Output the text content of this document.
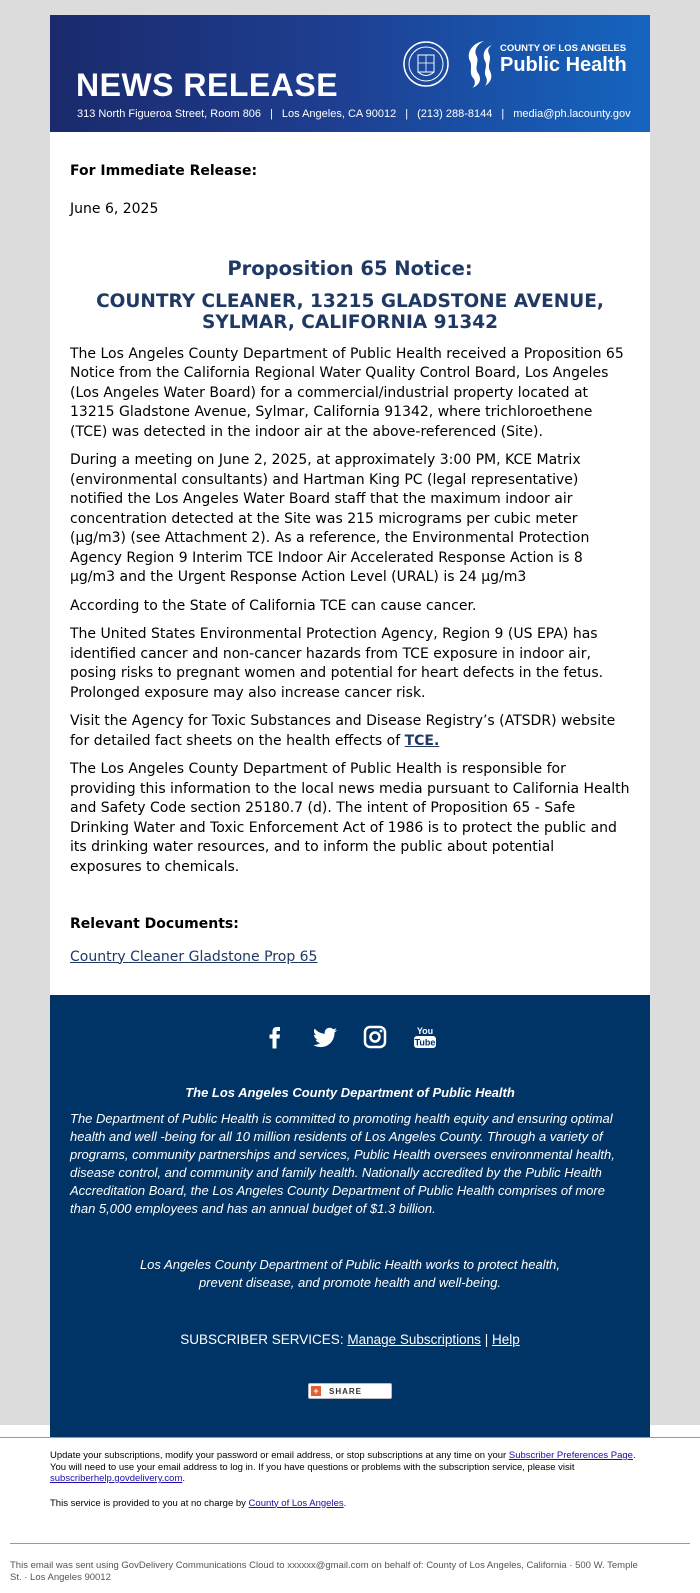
NEWS RELEASE
313 North Figueroa Street, Room 806 | Los Angeles, CA 90012 | (213) 288-8144 | media@ph.lacounty.gov
COUNTY OF LOS ANGELES
Public Health

For Immediate Release:

June 6, 2025

Proposition 65 Notice:
COUNTRY CLEANER, 13215 GLADSTONE AVENUE, SYLMAR, CALIFORNIA 91342

The Los Angeles County Department of Public Health received a Proposition 65 Notice from the California Regional Water Quality Control Board, Los Angeles (Los Angeles Water Board) for a commercial/industrial property located at 13215 Gladstone Avenue, Sylmar, California 91342, where trichloroethene (TCE) was detected in the indoor air at the above-referenced (Site).

During a meeting on June 2, 2025, at approximately 3:00 PM, KCE Matrix (environmental consultants) and Hartman King PC (legal representative) notified the Los Angeles Water Board staff that the maximum indoor air concentration detected at the Site was 215 micrograms per cubic meter (µg/m3) (see Attachment 2). As a reference, the Environmental Protection Agency Region 9 Interim TCE Indoor Air Accelerated Response Action is 8 µg/m3 and the Urgent Response Action Level (URAL) is 24 µg/m3

According to the State of California TCE can cause cancer.

The United States Environmental Protection Agency, Region 9 (US EPA) has identified cancer and non-cancer hazards from TCE exposure in indoor air, posing risks to pregnant women and potential for heart defects in the fetus. Prolonged exposure may also increase cancer risk.

Visit the Agency for Toxic Substances and Disease Registry’s (ATSDR) website for detailed fact sheets on the health effects of TCE.

The Los Angeles County Department of Public Health is responsible for providing this information to the local news media pursuant to California Health and Safety Code section 25180.7 (d). The intent of Proposition 65 - Safe Drinking Water and Toxic Enforcement Act of 1986 is to protect the public and its drinking water resources, and to inform the public about potential exposures to chemicals.

Relevant Documents:

Country Cleaner Gladstone Prop 65
You
Tube
The Los Angeles County Department of Public Health
The Department of Public Health is committed to promoting health equity and ensuring optimal health and well -being for all 10 million residents of Los Angeles County. Through a variety of programs, community partnerships and services, Public Health oversees environmental health, disease control, and community and family health. Nationally accredited by the Public Health Accreditation Board, the Los Angeles County Department of Public Health comprises of more than 5,000 employees and has an annual budget of $1.3 billion.
Los Angeles County Department of Public Health works to protect health, prevent disease, and promote health and well-being.
SUBSCRIBER SERVICES: Manage Subscriptions | Help
+ SHARE

Update your subscriptions, modify your password or email address, or stop subscriptions at any time on your Subscriber Preferences Page. You will need to use your email address to log in. If you have questions or problems with the subscription service, please visit subscriberhelp.govdelivery.com.

This service is provided to you at no charge by County of Los Angeles.

This email was sent using GovDelivery Communications Cloud to xxxxxx@gmail.com on behalf of: County of Los Angeles, California · 500 W. Temple St. · Los Angeles 90012
